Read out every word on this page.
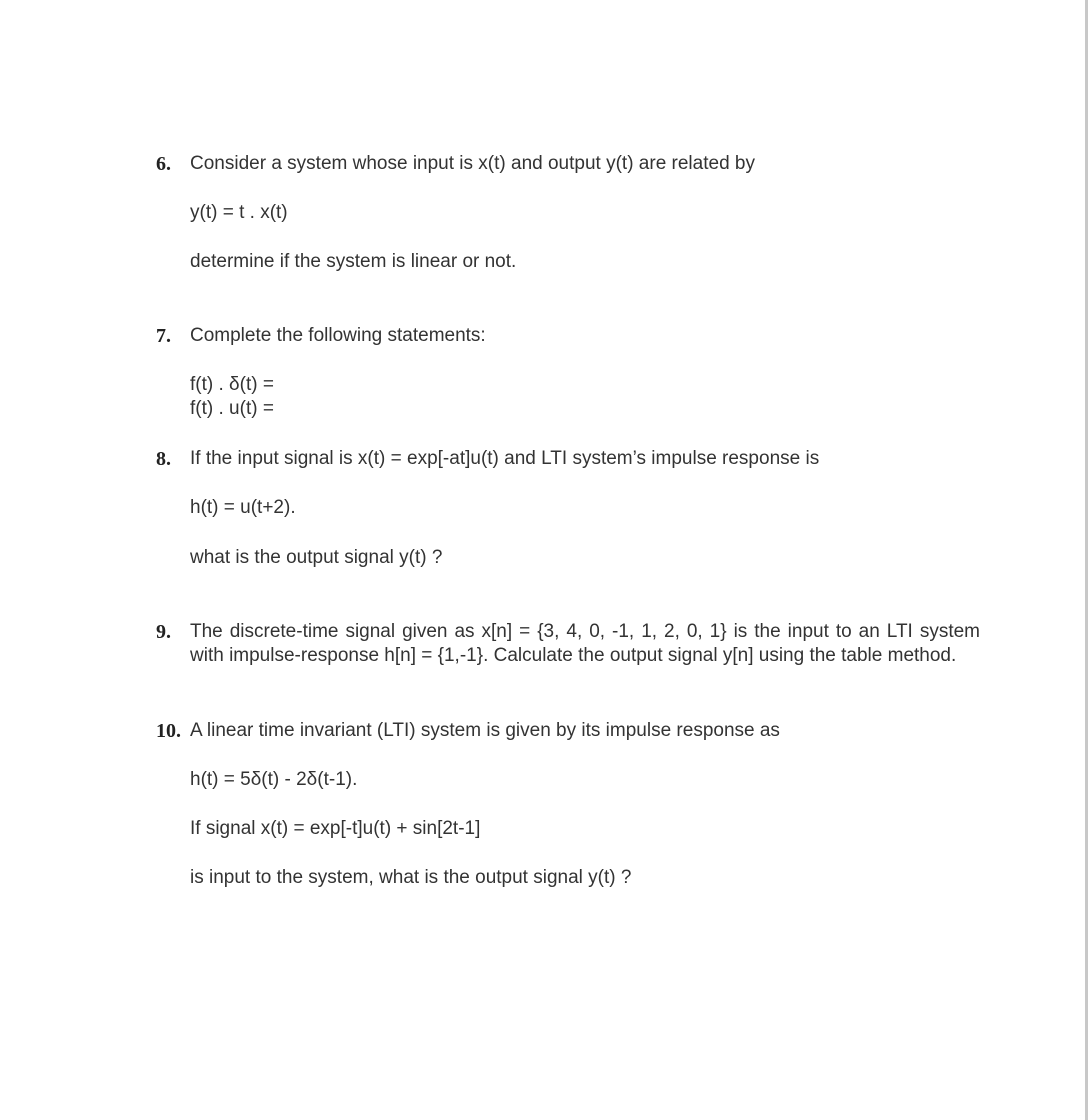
6. Consider a system whose input is x(t) and output y(t) are related by
y(t) = t . x(t)
determine if the system is linear or not.
7. Complete the following statements:
f(t) . δ(t) =
f(t) . u(t) =
8. If the input signal is x(t) = exp[-at]u(t) and LTI system’s impulse response is
h(t) = u(t+2).
what is the output signal y(t) ?
9. The discrete-time signal given as x[n] = {3, 4, 0, -1, 1, 2, 0, 1} is the input to an LTI system with impulse-response h[n] = {1,-1}. Calculate the output signal y[n] using the table method.
10. A linear time invariant (LTI) system is given by its impulse response as
h(t) = 5δ(t) - 2δ(t-1).
If signal x(t) = exp[-t]u(t) + sin[2t-1]
is input to the system, what is the output signal y(t) ?
